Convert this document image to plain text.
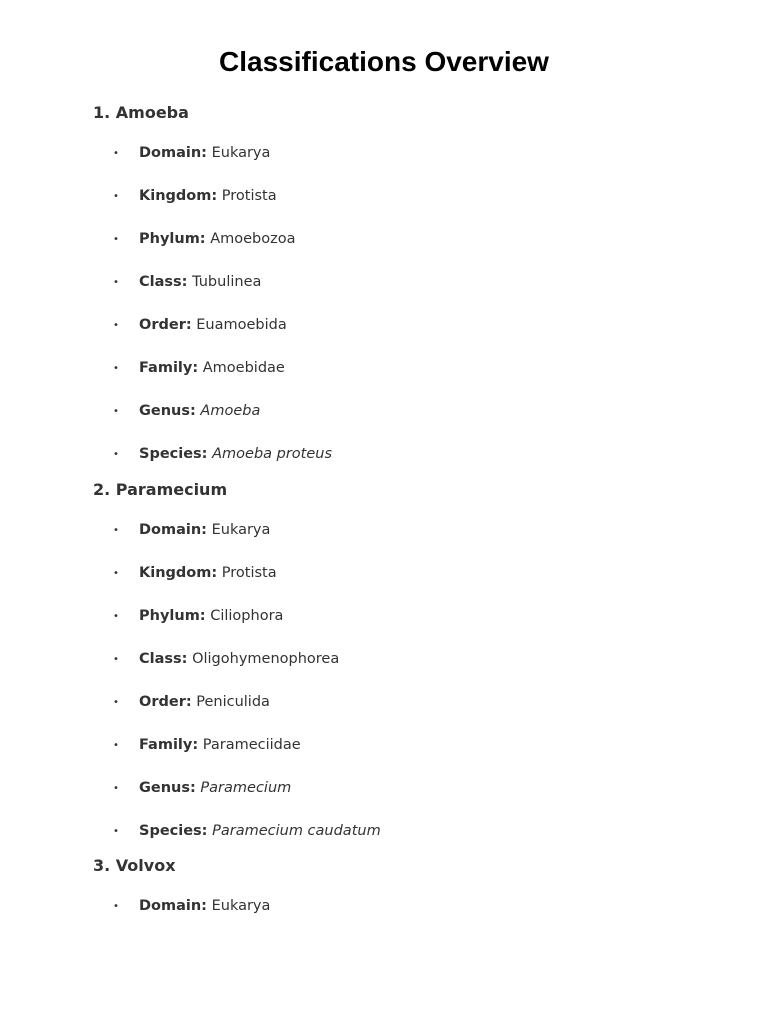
Classifications Overview
1. Amoeba
• Domain: Eukarya
• Kingdom: Protista
• Phylum: Amoebozoa
• Class: Tubulinea
• Order: Euamoebida
• Family: Amoebidae
• Genus: Amoeba
• Species: Amoeba proteus
2. Paramecium
• Domain: Eukarya
• Kingdom: Protista
• Phylum: Ciliophora
• Class: Oligohymenophorea
• Order: Peniculida
• Family: Parameciidae
• Genus: Paramecium
• Species: Paramecium caudatum
3. Volvox
• Domain: Eukarya
